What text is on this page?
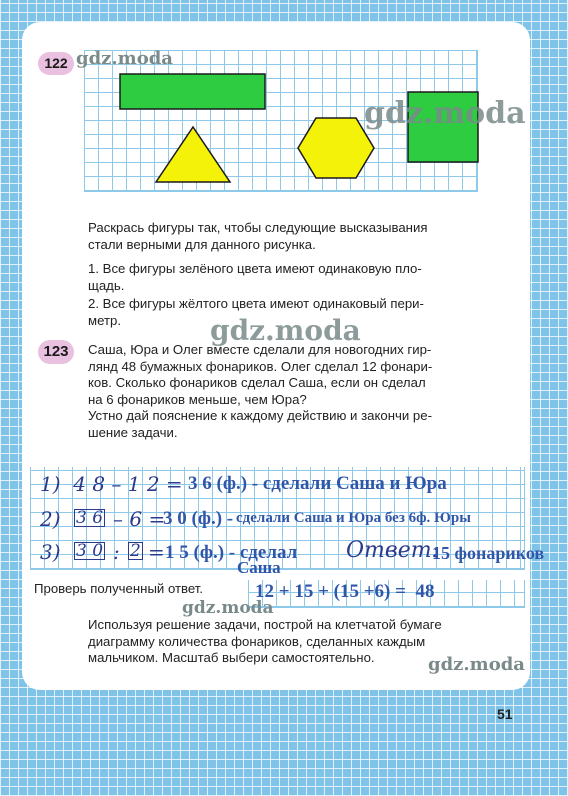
122
Раскрась фигуры так, чтобы следующие высказывания
стали верными для данного рисунка.
1. Все фигуры зелёного цвета имеют одинаковую пло-
щадь.
2. Все фигуры жёлтого цвета имеют одинаковый пери-
метр.
123	Саша, Юра и Олег вместе сделали для новогодних гир-
лянд 48 бумажных фонариков. Олег сделал 12 фонари-
ков. Сколько фонариков сделал Саша, если он сделал
на 6 фонариков меньше, чем Юра?
Устно дай пояснение к каждому действию и закончи ре-
шение задачи.
1)  4 8 – 1 2 = 3 6 (ф.) - сделали Саша и Юра
2) 3 6 – 6 =
3 0 (ф.) - сделали Саша и Юра без 6ф. Юры
3) 3 0 : 2 = 1 5 (ф.) - сделал
Саша
Ответ:
15 фонариков
Проверь полученный ответ.	12 + 15 + (15 +6) =  48
Используя решение задачи, построй на клетчатой бумаге
диаграмму количества фонариков, сделанных каждым
мальчиком. Масштаб выбери самостоятельно.
51
gdz.moda
gdz.moda
gdz.moda
gdz.moda
gdz.moda
